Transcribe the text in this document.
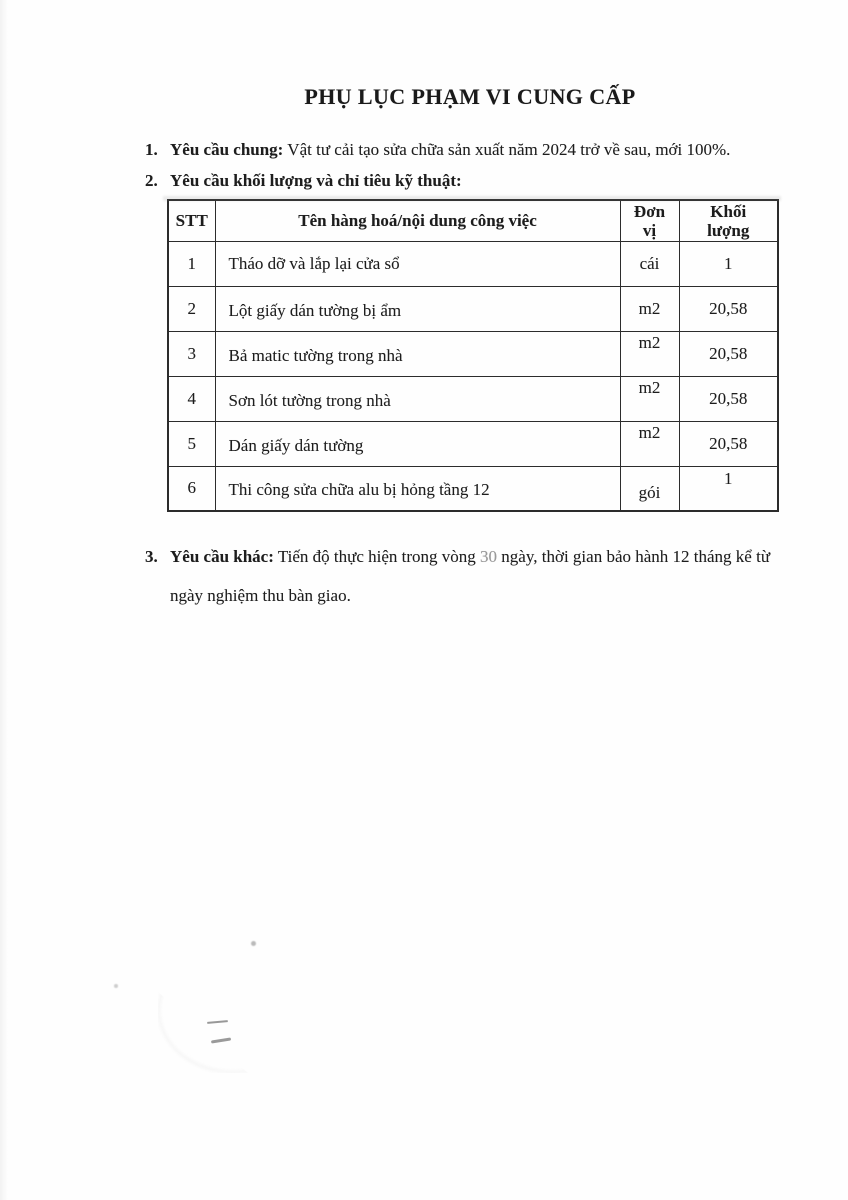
PHỤ LỤC PHẠM VI CUNG CẤP
1. Yêu cầu chung: Vật tư cải tạo sửa chữa sản xuất năm 2024 trở về sau, mới 100%.
2. Yêu cầu khối lượng và chỉ tiêu kỹ thuật:
STT	Tên hàng hoá/nội dung công việc	Đơn vị	Khối lượng

1	Tháo dỡ và lắp lại cửa sổ	cái	1
2	Lột giấy dán tường bị ẩm	m2	20,58
3	Bả matic tường trong nhà	m2	20,58
4	Sơn lót tường trong nhà	m2	20,58
5	Dán giấy dán tường	m2	20,58
6	Thi công sửa chữa alu bị hỏng tầng 12	gói	1
3. Yêu cầu khác: Tiến độ thực hiện trong vòng 30 ngày, thời gian bảo hành 12 tháng kể từ
ngày nghiệm thu bàn giao.
